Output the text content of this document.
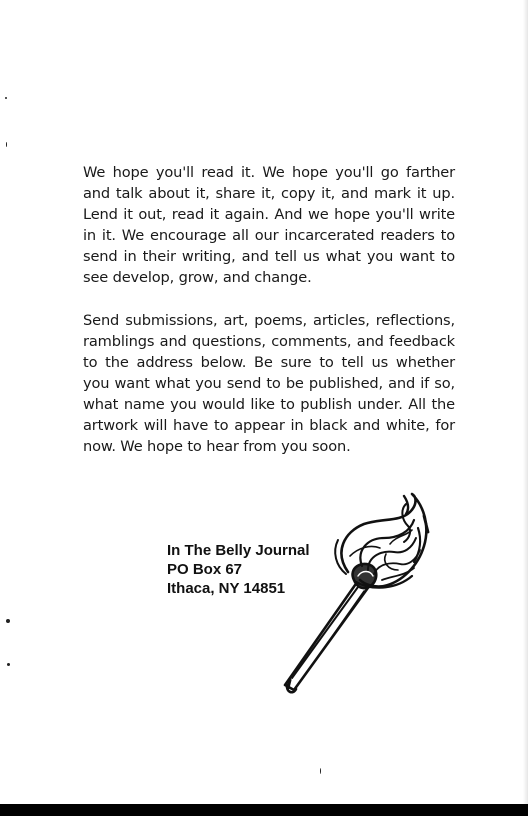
We hope you'll read it. We hope you'll go farther and talk about it, share it, copy it, and mark it up. Lend it out, read it again. And we hope you'll write in it. We encourage all our incarcerated readers to send in their writing, and tell us what you want to see develop, grow, and change.

Send submissions, art, poems, articles, reflections, ramblings and questions, comments, and feedback to the address below. Be sure to tell us whether you want what you send to be published, and if so, what name you would like to publish under. All the artwork will have to appear in black and white, for now. We hope to hear from you soon.

In The Belly Journal
PO Box 67
Ithaca, NY 14851
